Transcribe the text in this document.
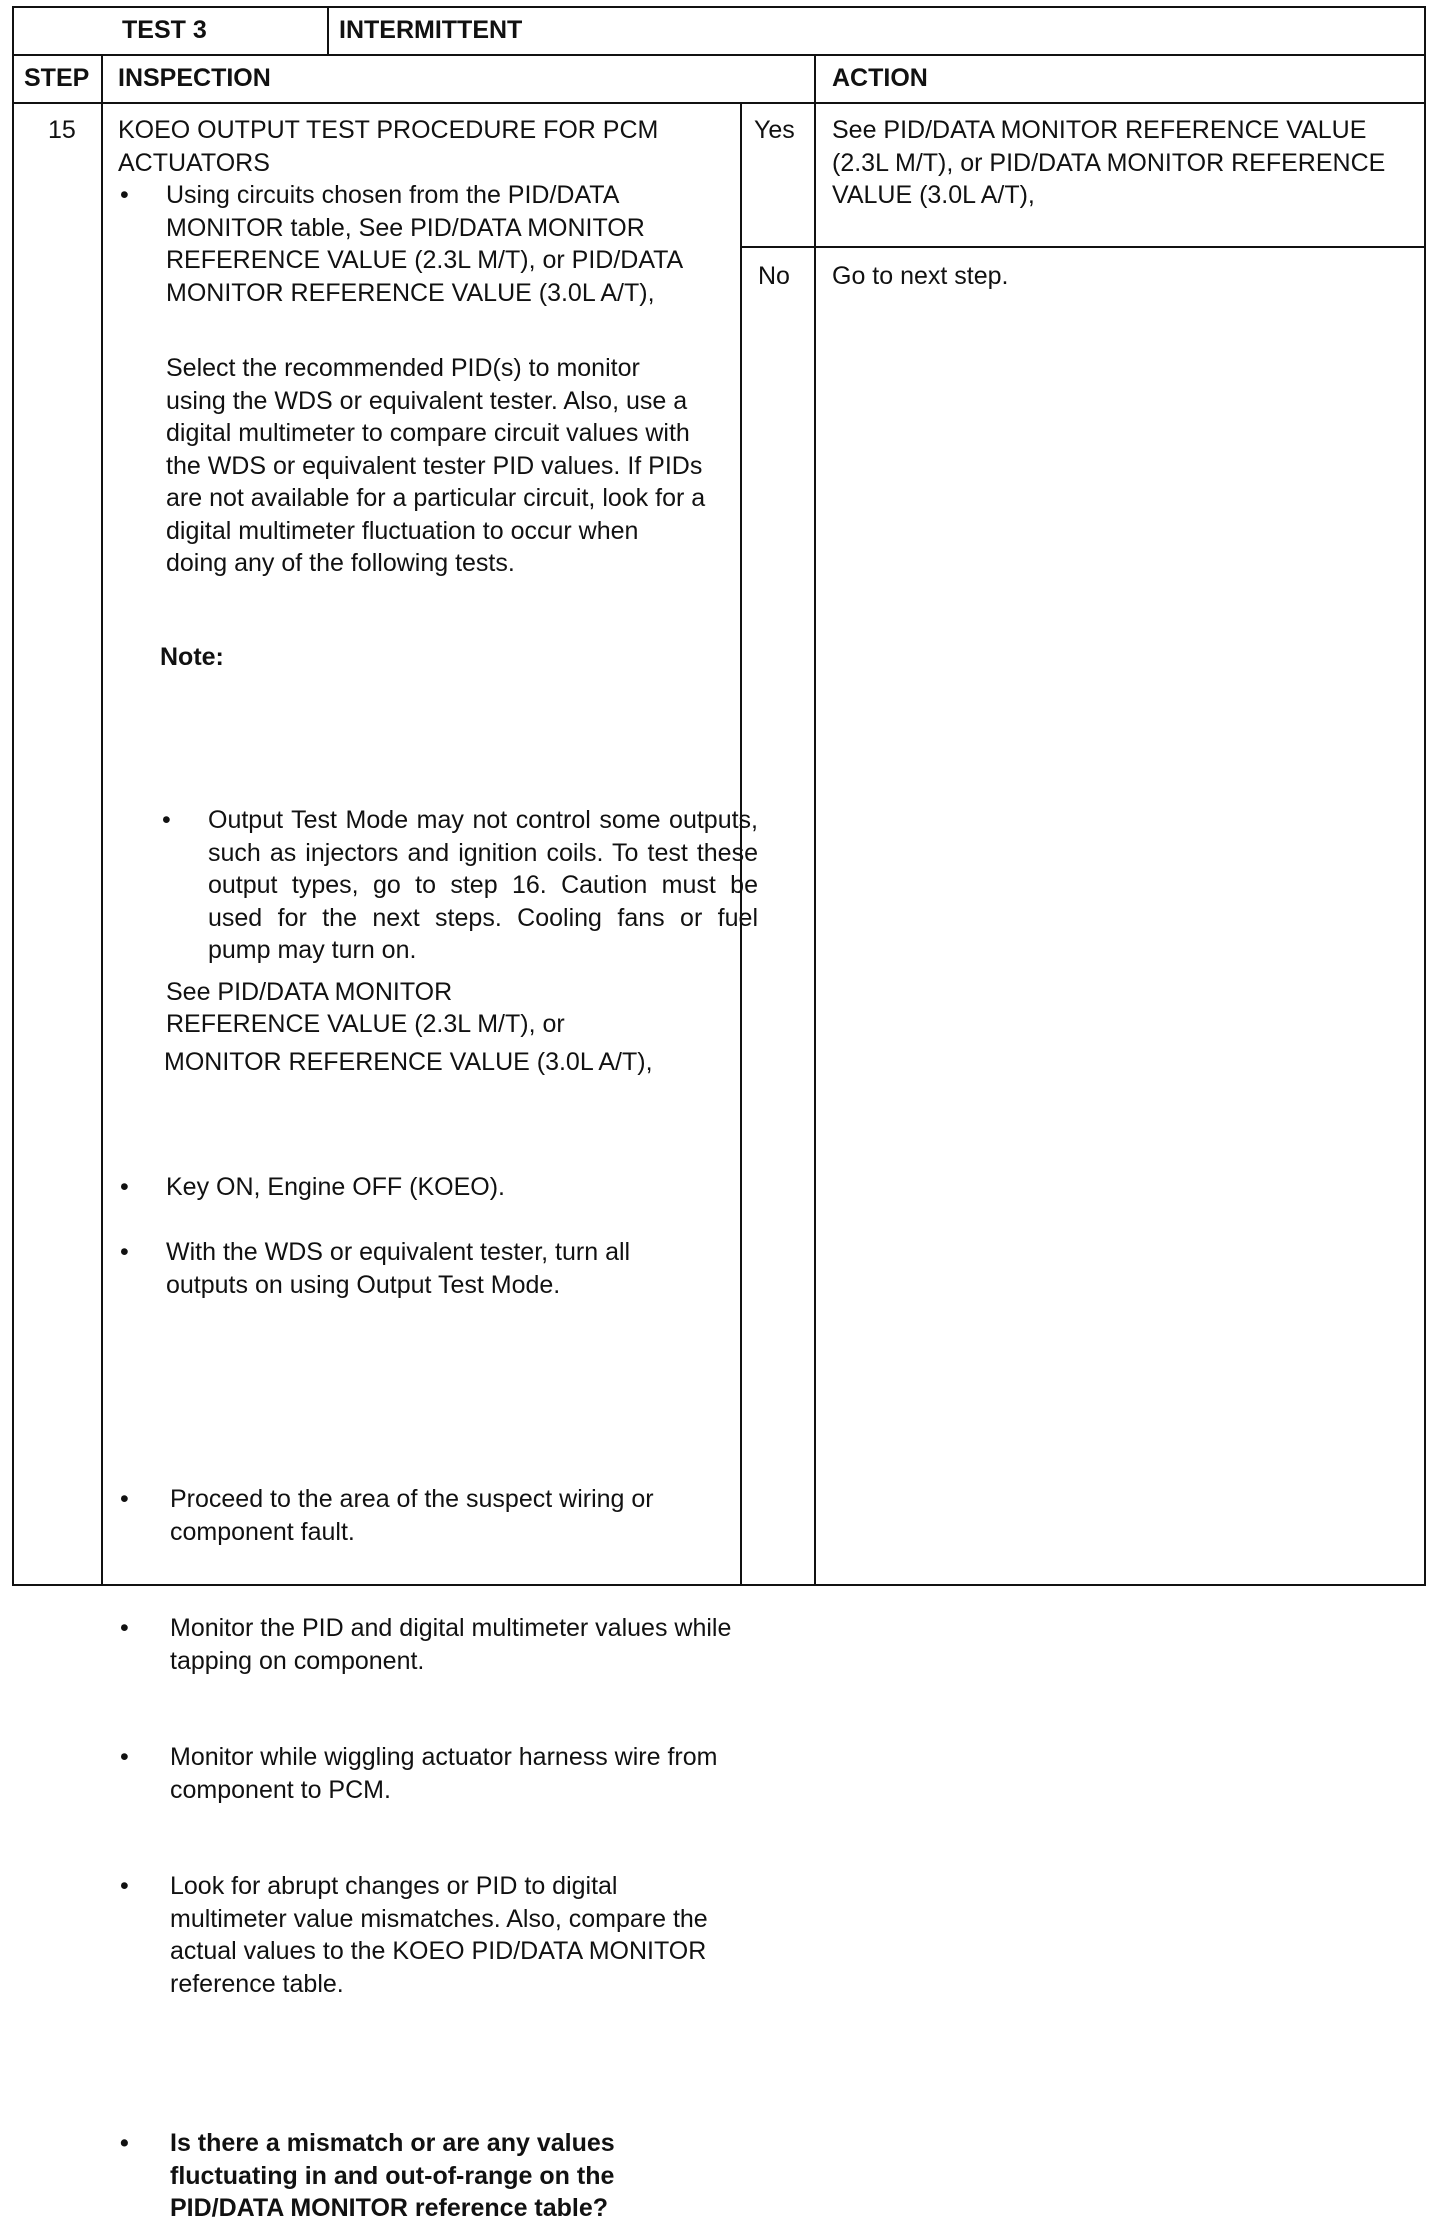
TEST 3	INTERMITTENT
STEP INSPECTION	ACTION
15 KOEO OUTPUT TEST PROCEDURE FOR PCM ACTUATORS
• Using circuits chosen from the PID/DATA MONITOR table, See PID/DATA MONITOR REFERENCE VALUE (2.3L M/T), or PID/DATA MONITOR REFERENCE VALUE (3.0L A/T),
Select the recommended PID(s) to monitor using the WDS or equivalent tester. Also, use a digital multimeter to compare circuit values with the WDS or equivalent tester PID values. If PIDs are not available for a particular circuit, look for a digital multimeter fluctuation to occur when doing any of the following tests.
Note:
• Output Test Mode may not control some outputs, such as injectors and ignition coils. To test these output types, go to step 16. Caution must be used for the next steps. Cooling fans or fuel pump may turn on.
• Key ON, Engine OFF (KOEO).
• With the WDS or equivalent tester, turn all outputs on using Output Test Mode.
See PID/DATA MONITOR
REFERENCE VALUE (2.3L M/T), or
MONITOR REFERENCE VALUE (3.0L A/T),
• Proceed to the area of the suspect wiring or component fault.
• Monitor the PID and digital multimeter values while tapping on component.
• Monitor while wiggling actuator harness wire from component to PCM.
• Look for abrupt changes or PID to digital multimeter value mismatches. Also, compare the actual values to the KOEO PID/DATA MONITOR reference table.
• Is there a mismatch or are any values fluctuating in and out-of-range on the PID/DATA MONITOR reference table?
Yes See PID/DATA MONITOR REFERENCE VALUE (2.3L M/T), or PID/DATA MONITOR REFERENCE VALUE (3.0L A/T),
No Go to next step.
